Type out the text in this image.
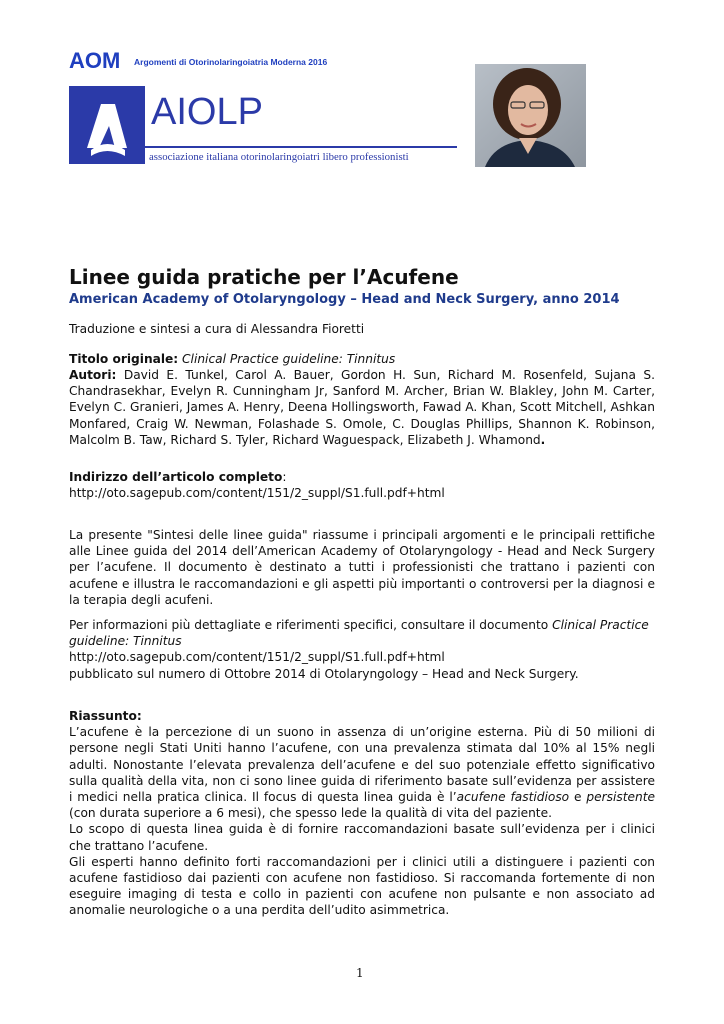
AOM Argomenti di Otorinolaringoiatria Moderna 2016
AIOLP
associazione italiana otorinolaringoiatri libero professionisti
Linee guida pratiche per l’Acufene
American Academy of Otolaryngology – Head and Neck Surgery, anno 2014
Traduzione e sintesi a cura di Alessandra Fioretti
Titolo originale: Clinical Practice guideline: Tinnitus
Autori: David E. Tunkel, Carol A. Bauer, Gordon H. Sun, Richard M. Rosenfeld, Sujana S. Chandrasekhar, Evelyn R. Cunningham Jr, Sanford M. Archer, Brian W. Blakley, John M. Carter, Evelyn C. Granieri, James A. Henry, Deena Hollingsworth, Fawad A. Khan, Scott Mitchell, Ashkan Monfared, Craig W. Newman, Folashade S. Omole, C. Douglas Phillips, Shannon K. Robinson, Malcolm B. Taw, Richard S. Tyler, Richard Waguespack, Elizabeth J. Whamond.
Indirizzo dell’articolo completo:
http://oto.sagepub.com/content/151/2_suppl/S1.full.pdf+html
La presente "Sintesi delle linee guida" riassume i principali argomenti e le principali rettifiche alle Linee guida del 2014 dell’American Academy of Otolaryngology - Head and Neck Surgery per l’acufene. Il documento è destinato a tutti i professionisti che trattano i pazienti con acufene e illustra le raccomandazioni e gli aspetti più importanti o controversi per la diagnosi e la terapia degli acufeni.
Per informazioni più dettagliate e riferimenti specifici, consultare il documento Clinical Practice guideline: Tinnitus
http://oto.sagepub.com/content/151/2_suppl/S1.full.pdf+html
pubblicato sul numero di Ottobre 2014 di Otolaryngology – Head and Neck Surgery.
Riassunto:
L’acufene è la percezione di un suono in assenza di un’origine esterna. Più di 50 milioni di persone negli Stati Uniti hanno l’acufene, con una prevalenza stimata dal 10% al 15% negli adulti. Nonostante l’elevata prevalenza dell’acufene e del suo potenziale effetto significativo sulla qualità della vita, non ci sono linee guida di riferimento basate sull’evidenza per assistere i medici nella pratica clinica. Il focus di questa linea guida è l’acufene fastidioso e persistente (con durata superiore a 6 mesi), che spesso lede la qualità di vita del paziente.
Lo scopo di questa linea guida è di fornire raccomandazioni basate sull’evidenza per i clinici che trattano l’acufene.
Gli esperti hanno definito forti raccomandazioni per i clinici utili a distinguere i pazienti con acufene fastidioso dai pazienti con acufene non fastidioso. Si raccomanda fortemente di non eseguire imaging di testa e collo in pazienti con acufene non pulsante e non associato ad anomalie neurologiche o a una perdita dell’udito asimmetrica.
1
